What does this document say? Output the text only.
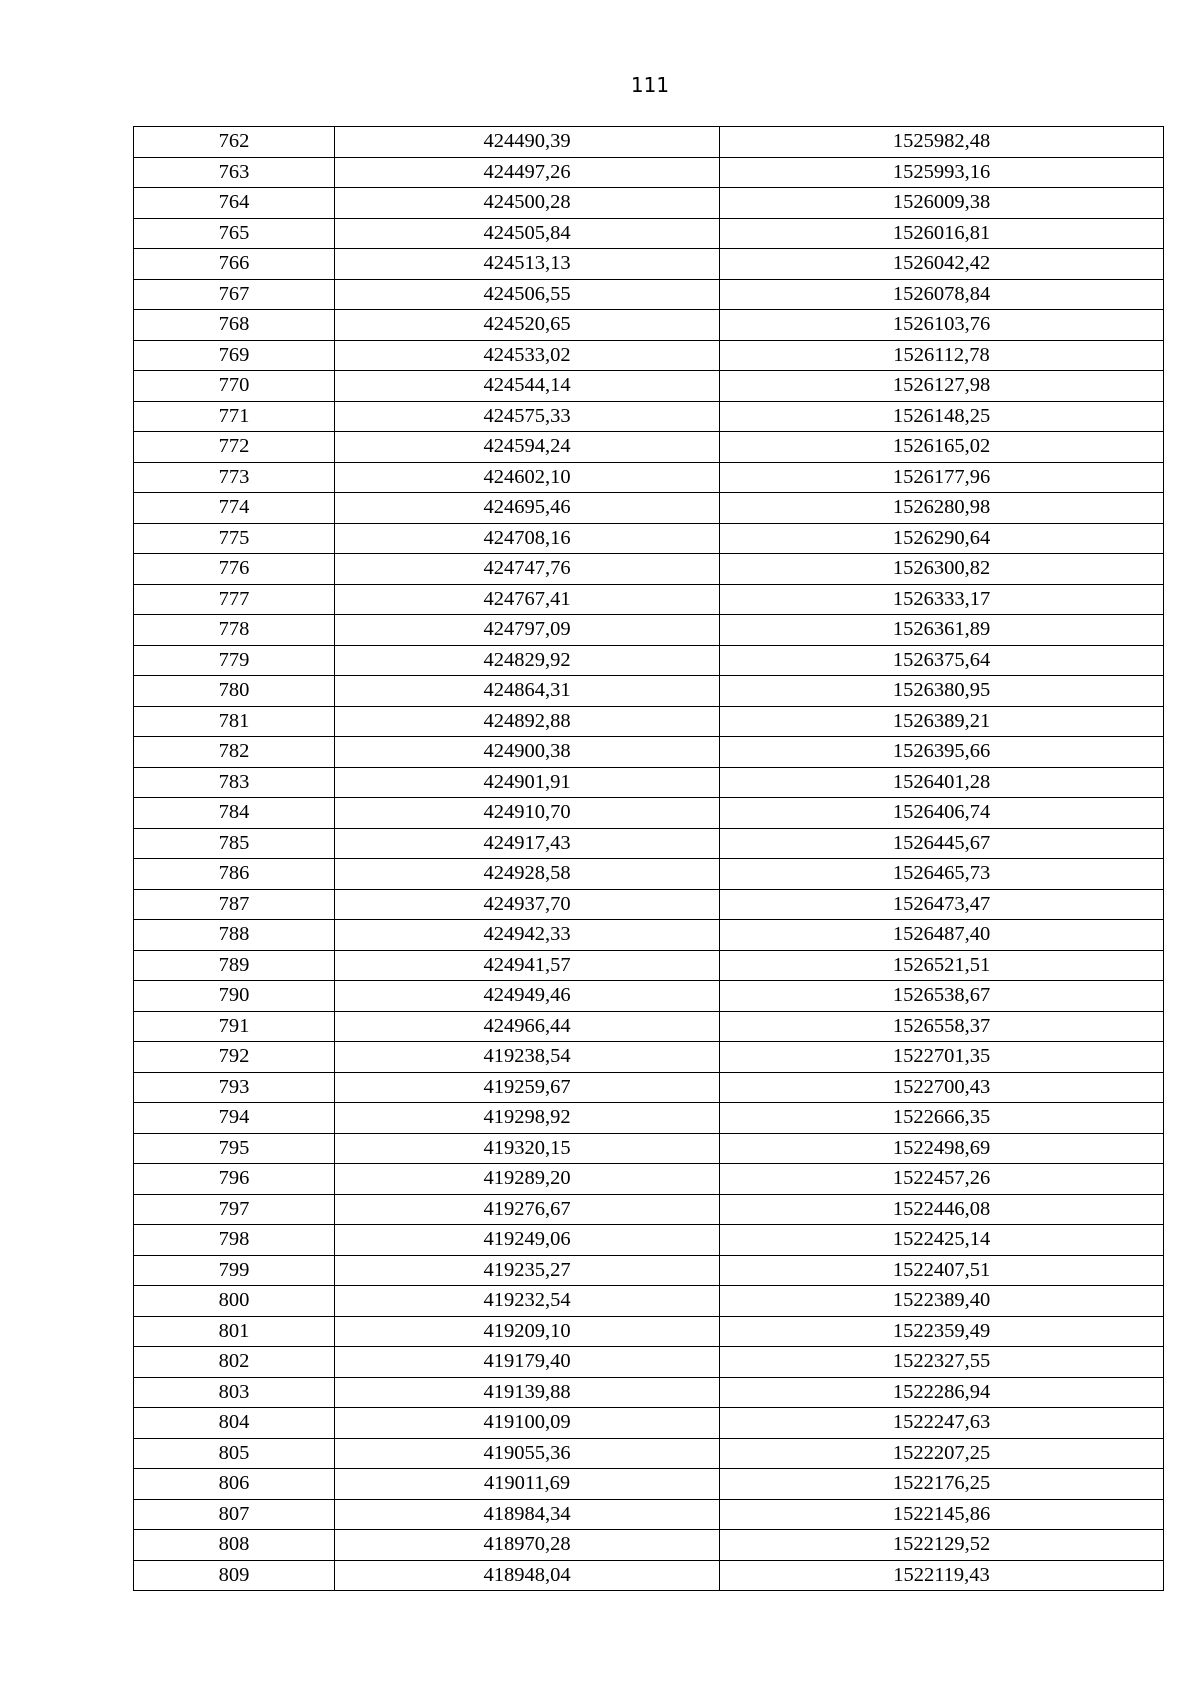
111
762	424490,39	1525982,48
763	424497,26	1525993,16
764	424500,28	1526009,38
765	424505,84	1526016,81
766	424513,13	1526042,42
767	424506,55	1526078,84
768	424520,65	1526103,76
769	424533,02	1526112,78
770	424544,14	1526127,98
771	424575,33	1526148,25
772	424594,24	1526165,02
773	424602,10	1526177,96
774	424695,46	1526280,98
775	424708,16	1526290,64
776	424747,76	1526300,82
777	424767,41	1526333,17
778	424797,09	1526361,89
779	424829,92	1526375,64
780	424864,31	1526380,95
781	424892,88	1526389,21
782	424900,38	1526395,66
783	424901,91	1526401,28
784	424910,70	1526406,74
785	424917,43	1526445,67
786	424928,58	1526465,73
787	424937,70	1526473,47
788	424942,33	1526487,40
789	424941,57	1526521,51
790	424949,46	1526538,67
791	424966,44	1526558,37
792	419238,54	1522701,35
793	419259,67	1522700,43
794	419298,92	1522666,35
795	419320,15	1522498,69
796	419289,20	1522457,26
797	419276,67	1522446,08
798	419249,06	1522425,14
799	419235,27	1522407,51
800	419232,54	1522389,40
801	419209,10	1522359,49
802	419179,40	1522327,55
803	419139,88	1522286,94
804	419100,09	1522247,63
805	419055,36	1522207,25
806	419011,69	1522176,25
807	418984,34	1522145,86
808	418970,28	1522129,52
809	418948,04	1522119,43
